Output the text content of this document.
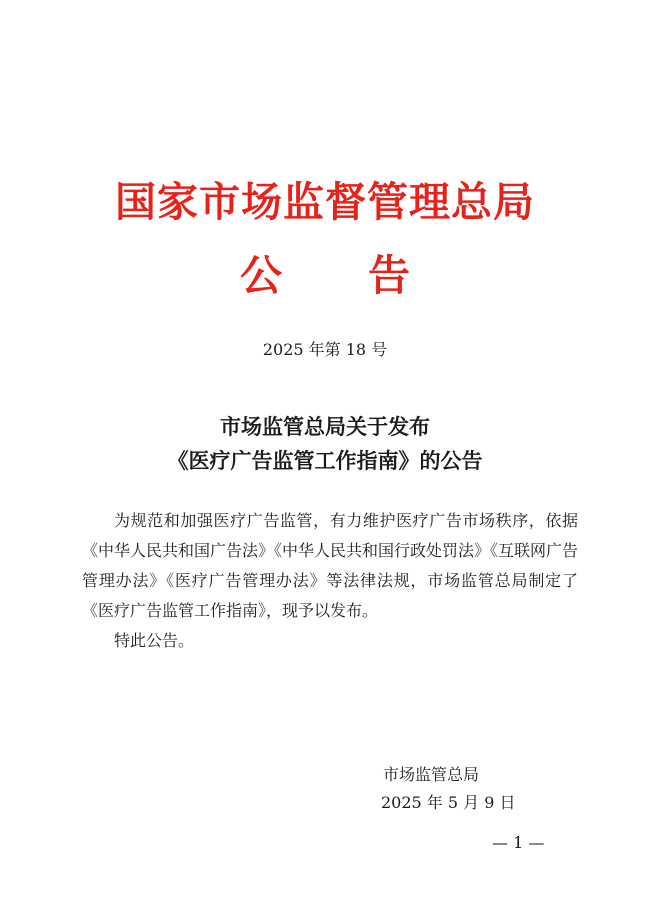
国家市场监督管理总局
公 告
2025 年第 18 号
市场监管总局关于发布
《医疗广告监管工作指南》的公告

为规范和加强医疗广告监管，有力维护医疗广告市场秩序，依据《中华人民共和国广告法》《中华人民共和国行政处罚法》《互联网广告管理办法》《医疗广告管理办法》等法律法规，市场监管总局制定了《医疗广告监管工作指南》，现予以发布。

特此公告。

市场监管总局
2025 年 5 月 9 日
— 1 —
